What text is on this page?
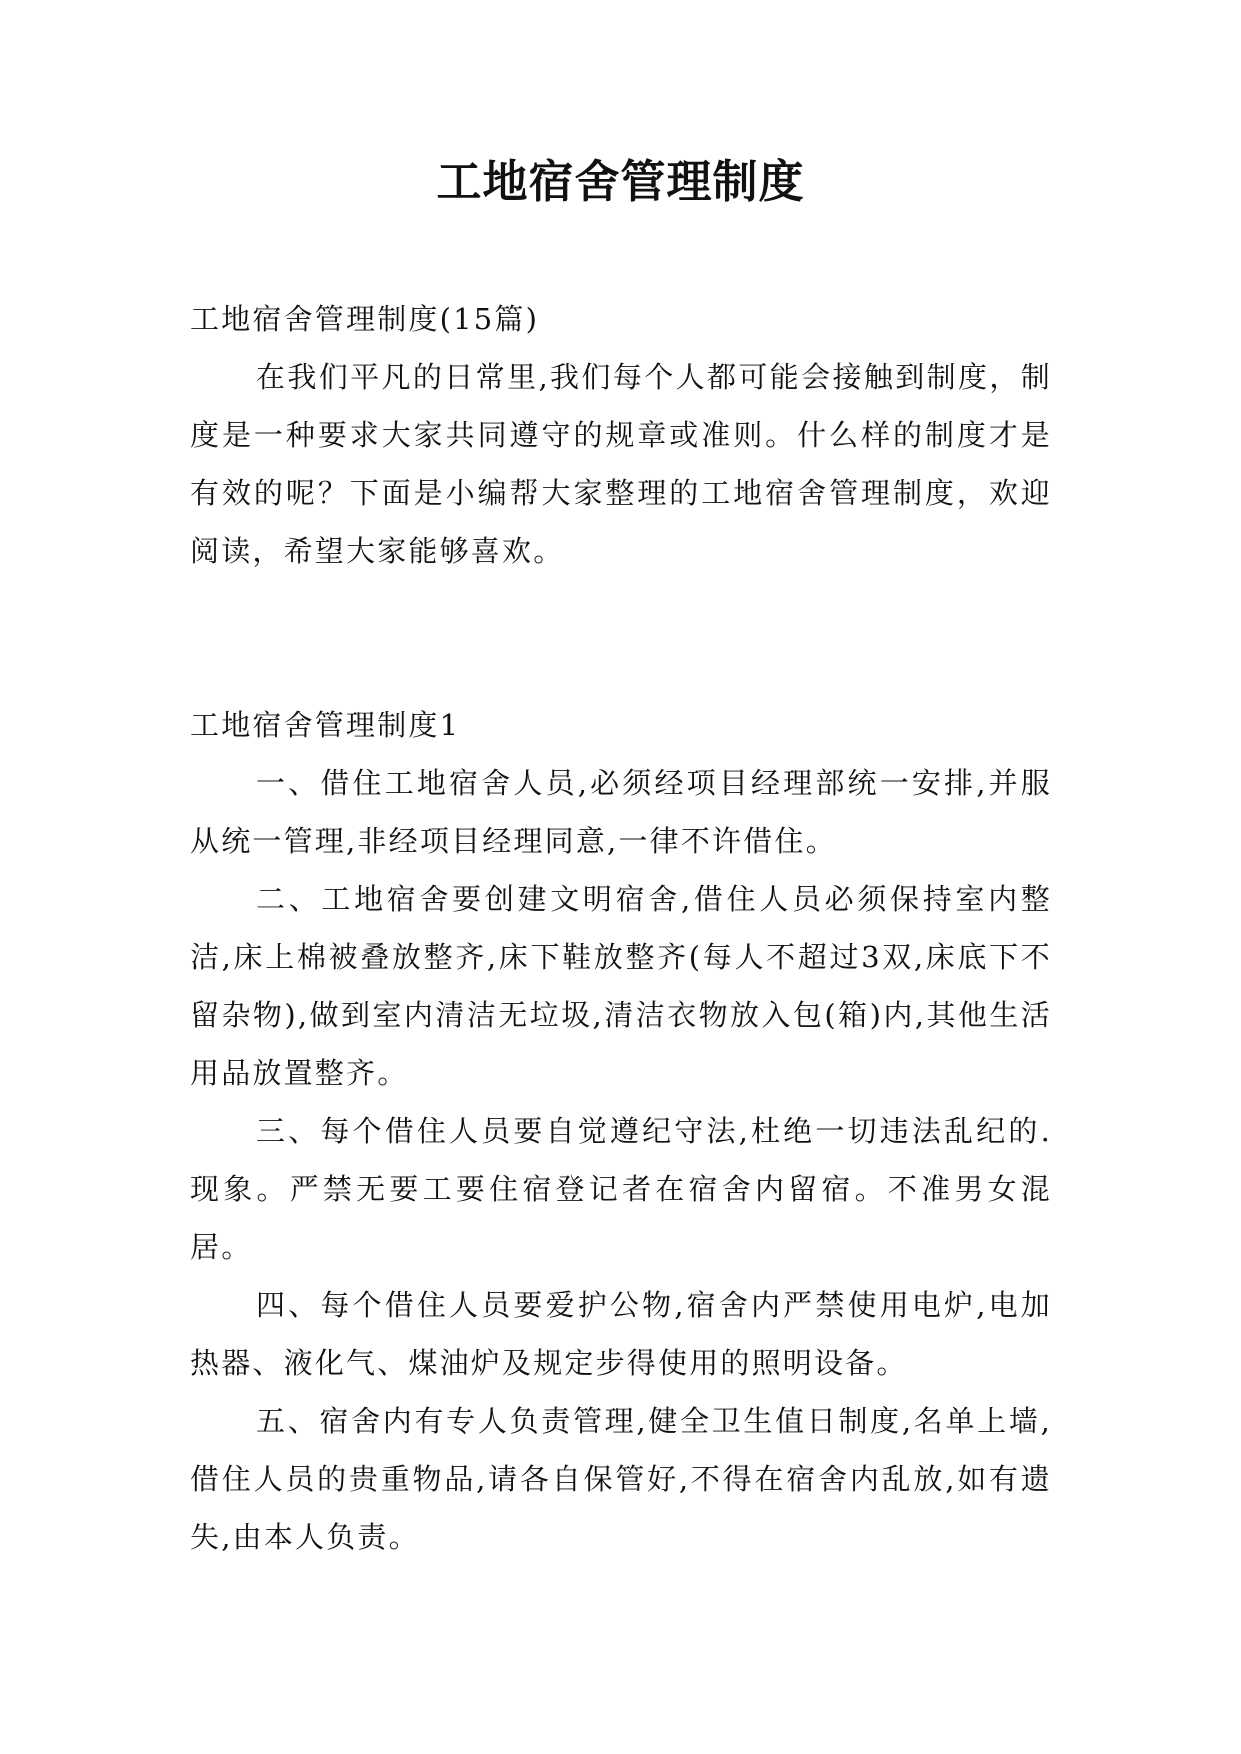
工地宿舍管理制度

工地宿舍管理制度(15篇)

在我们平凡的日常里,我们每个人都可能会接触到制度，制度是一种要求大家共同遵守的规章或准则。什么样的制度才是有效的呢？下面是小编帮大家整理的工地宿舍管理制度，欢迎阅读，希望大家能够喜欢。

工地宿舍管理制度1

一、借住工地宿舍人员,必须经项目经理部统一安排,并服从统一管理,非经项目经理同意,一律不许借住。

二、工地宿舍要创建文明宿舍,借住人员必须保持室内整洁,床上棉被叠放整齐,床下鞋放整齐(每人不超过3双,床底下不留杂物),做到室内清洁无垃圾,清洁衣物放入包(箱)内,其他生活用品放置整齐。

三、每个借住人员要自觉遵纪守法,杜绝一切违法乱纪的.现象。严禁无要工要住宿登记者在宿舍内留宿。不准男女混居。

四、每个借住人员要爱护公物,宿舍内严禁使用电炉,电加热器、液化气、煤油炉及规定步得使用的照明设备。

五、宿舍内有专人负责管理,健全卫生值日制度,名单上墙,借住人员的贵重物品,请各自保管好,不得在宿舍内乱放,如有遗失,由本人负责。
